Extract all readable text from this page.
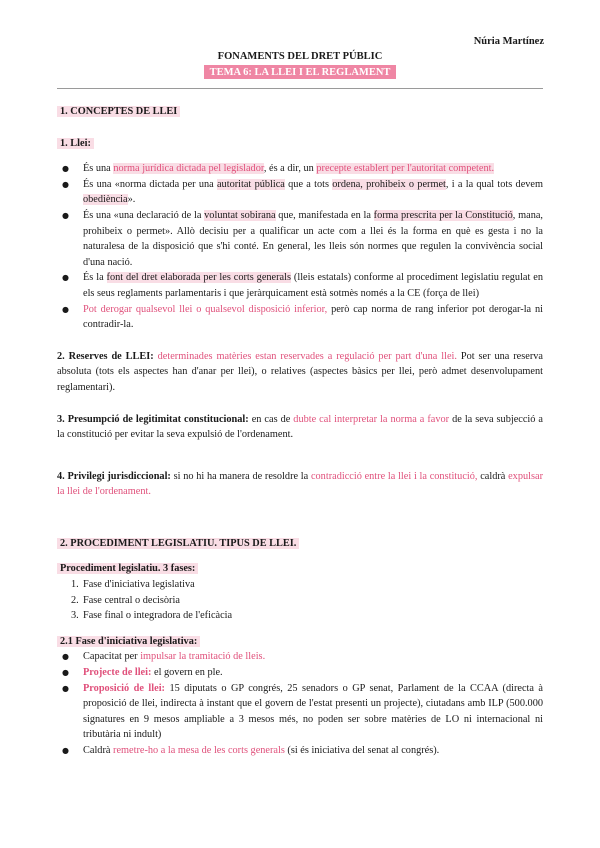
Núria Martínez
FONAMENTS DEL DRET PÚBLIC
TEMA 6: LA LLEI I EL REGLAMENT
1. CONCEPTES DE LLEI
1. Llei:
● És una norma jurídica dictada pel legislador, és a dir, un precepte establert per l'autoritat competent.
● És una «norma dictada per una autoritat pública que a tots ordena, prohibeix o permet, i a la qual tots devem obediència».
● És una «una declaració de la voluntat sobirana que, manifestada en la forma prescrita per la Constitució, mana, prohibeix o permet». Allò decisiu per a qualificar un acte com a llei és la forma en què es gesta i no la naturalesa de la disposició que s'hi conté. En general, les lleis són normes que regulen la convivència social d'una nació.
● És la font del dret elaborada per les corts generals (lleis estatals) conforme al procediment legislatiu regulat en els seus reglaments parlamentaris i que jeràrquicament està sotmès només a la CE (força de llei)
● Pot derogar qualsevol llei o qualsevol disposició inferior, però cap norma de rang inferior pot derogar-la ni contradir-la.

2. Reserves de LLEI: determinades matèries estan reservades a regulació per part d'una llei. Pot ser una reserva absoluta (tots els aspectes han d'anar per llei), o relatives (aspectes bàsics per llei, però admet desenvolupament reglamentari).

3. Presumpció de legitimitat constitucional: en cas de dubte cal interpretar la norma a favor de la seva subjecció a la constitució per evitar la seva expulsió de l'ordenament.

4. Privilegi jurisdiccional: si no hi ha manera de resoldre la contradicció entre la llei i la constitució, caldrà expulsar la llei de l'ordenament.

2. PROCEDIMENT LEGISLATIU. TIPUS DE LLEI.
Procediment legislatiu. 3 fases:
1. Fase d'iniciativa legislativa
2. Fase central o decisòria
3. Fase final o integradora de l'eficàcia
2.1 Fase d'iniciativa legislativa:
● Capacitat per impulsar la tramitació de lleis.
● Projecte de llei: el govern en ple.
● Proposició de llei: 15 diputats o GP congrés, 25 senadors o GP senat, Parlament de la CCAA (directa à proposició de llei, indirecta à instant que el govern de l'estat presenti un projecte), ciutadans amb ILP (500.000 signatures en 9 mesos ampliable a 3 mesos més, no poden ser sobre matèries de LO ni internacional ni tributària ni indult)
● Caldrà remetre-ho a la mesa de les corts generals (si és iniciativa del senat al congrés).
